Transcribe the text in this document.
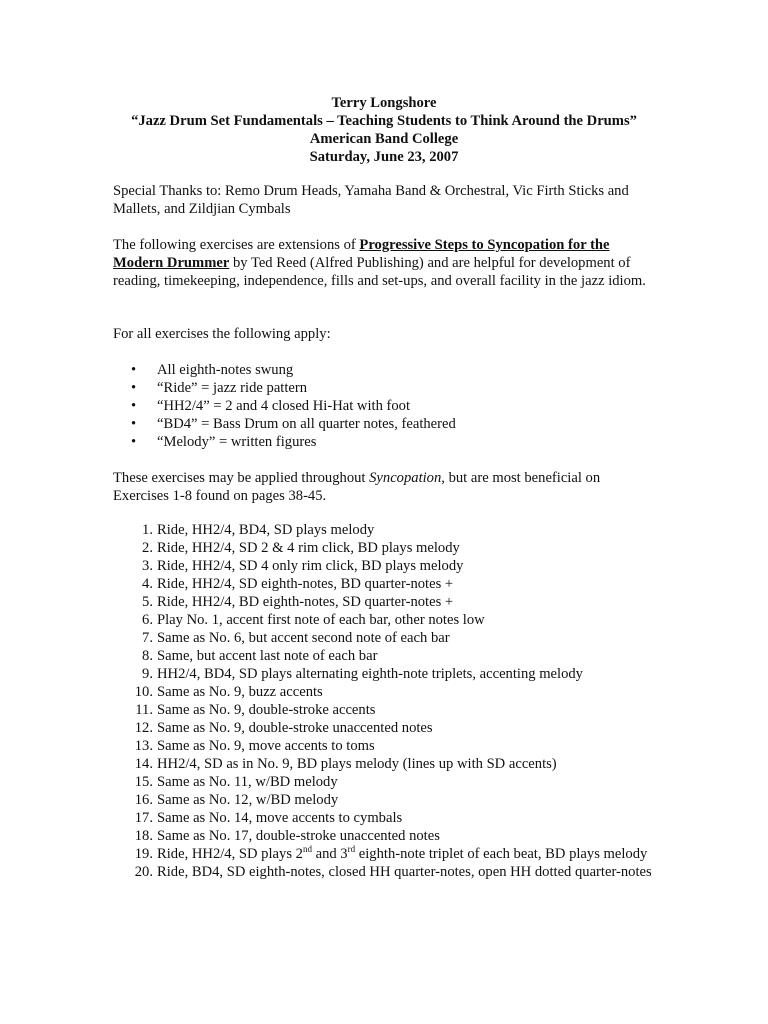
Terry Longshore
“Jazz Drum Set Fundamentals – Teaching Students to Think Around the Drums”
American Band College
Saturday, June 23, 2007

Special Thanks to: Remo Drum Heads, Yamaha Band & Orchestral, Vic Firth Sticks and Mallets, and Zildjian Cymbals

The following exercises are extensions of Progressive Steps to Syncopation for the Modern Drummer by Ted Reed (Alfred Publishing) and are helpful for development of reading, timekeeping, independence, fills and set-ups, and overall facility in the jazz idiom.

For all exercises the following apply:

• All eighth-notes swung
• “Ride” = jazz ride pattern
• “HH2/4” = 2 and 4 closed Hi-Hat with foot
• “BD4” = Bass Drum on all quarter notes, feathered
• “Melody” = written figures

These exercises may be applied throughout Syncopation, but are most beneficial on Exercises 1-8 found on pages 38-45.

1. Ride, HH2/4, BD4, SD plays melody
2. Ride, HH2/4, SD 2 & 4 rim click, BD plays melody
3. Ride, HH2/4, SD 4 only rim click, BD plays melody
4. Ride, HH2/4, SD eighth-notes, BD quarter-notes +
5. Ride, HH2/4, BD eighth-notes, SD quarter-notes +
6. Play No. 1, accent first note of each bar, other notes low
7. Same as No. 6, but accent second note of each bar
8. Same, but accent last note of each bar
9. HH2/4, BD4, SD plays alternating eighth-note triplets, accenting melody
10. Same as No. 9, buzz accents
11. Same as No. 9, double-stroke accents
12. Same as No. 9, double-stroke unaccented notes
13. Same as No. 9, move accents to toms
14. HH2/4, SD as in No. 9, BD plays melody (lines up with SD accents)
15. Same as No. 11, w/BD melody
16. Same as No. 12, w/BD melody
17. Same as No. 14, move accents to cymbals
18. Same as No. 17, double-stroke unaccented notes
19. Ride, HH2/4, SD plays 2nd and 3rd eighth-note triplet of each beat, BD plays melody
20. Ride, BD4, SD eighth-notes, closed HH quarter-notes, open HH dotted quarter-notes
